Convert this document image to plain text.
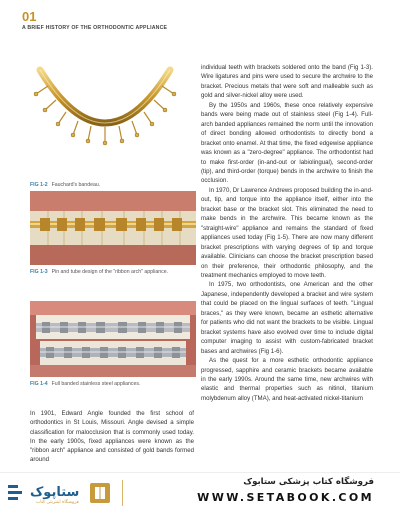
01
A BRIEF HISTORY OF THE ORTHODONTIC APPLIANCE
FIG 1-2 Fauchard's bandeau.
FIG 1-3 Pin and tube design of the "ribbon arch" appliance.
FIG 1-4 Full banded stainless steel appliances.
In 1901, Edward Angle founded the first school of orthodontics in St Louis, Missouri. Angle devised a simple classification for malocclusion that is commonly used today. In the early 1900s, fixed appliances were known as the "ribbon arch" appliance and consisted of gold bands formed around

individual teeth with brackets soldered onto the band (Fig 1-3). Wire ligatures and pins were used to secure the archwire to the bracket. Precious metals that were soft and malleable such as gold and silver-nickel alloy were used.

By the 1950s and 1960s, these once relatively expensive bands were being made out of stainless steel (Fig 1-4). Full-arch banded appliances remained the norm until the innovation of direct bonding allowed orthodontists to directly bond a bracket onto enamel. At that time, the fixed edgewise appliance was known as a "zero-degree" appliance. The orthodontist had to make first-order (in-and-out or labiolingual), second-order (tip), and third-order (torque) bends in the archwire to finish the occlusion.

In 1970, Dr Lawrence Andrews proposed building the in-and-out, tip, and torque into the appliance itself, either into the bracket base or the bracket slot. This eliminated the need to make bends in the archwire. This became known as the "straight-wire" appliance and remains the standard of fixed appliances used today (Fig 1-5). There are now many different bracket prescriptions with varying degrees of tip and torque available. Clinicians can choose the bracket prescription based on their preference, their orthodontic philosophy, and the treatment mechanics employed to move teeth.

In 1975, two orthodontists, one American and the other Japanese, independently developed a bracket and wire system that could be placed on the lingual surfaces of teeth. "Lingual braces," as they were known, became an esthetic alternative for patients who did not want the brackets to be visible. Lingual bracket systems have also evolved over time to include digital computer imaging to assist with custom-fabricated bracket bases and archwires (Fig 1-6).

As the quest for a more esthetic orthodontic appliance progressed, sapphire and ceramic brackets became available in the early 1990s. Around the same time, new archwires with elastic and thermal properties such as nitinol, titanium molybdenum alloy (TMA), and heat-activated nickel-titanium

ستاپوک
فروشگاه اینترنتی کتاب
فروشگاه کتاب پزشکی ستابوک
WWW.SETABOOK.COM
